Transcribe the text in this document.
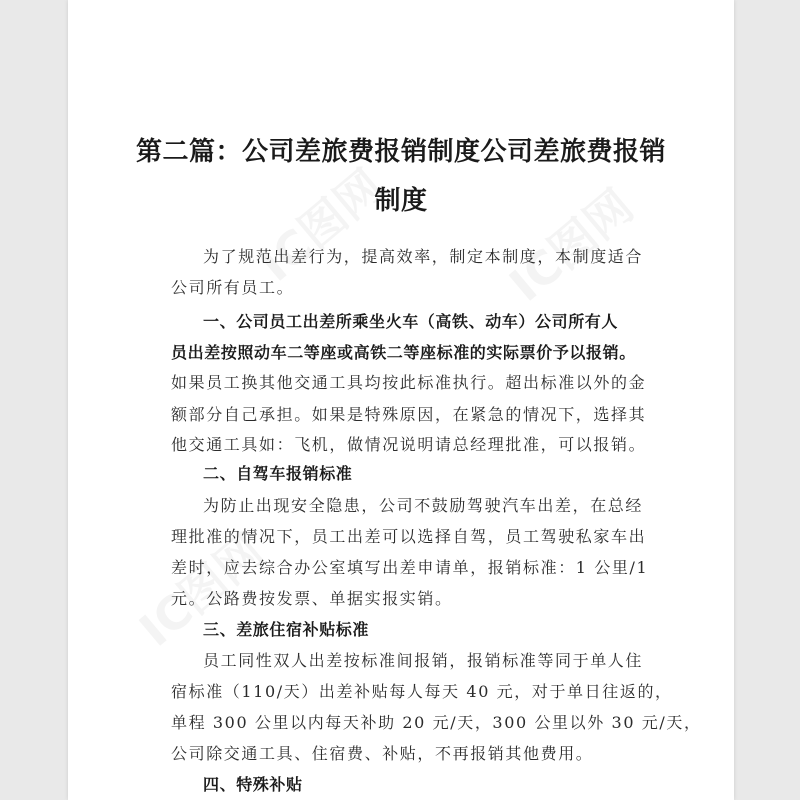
第二篇：公司差旅费报销制度公司差旅费报销
制度
为了规范出差行为，提高效率，制定本制度，本制度适合
公司所有员工。
一、公司员工出差所乘坐火车（高铁、动车）公司所有人
员出差按照动车二等座或高铁二等座标准的实际票价予以报销。
如果员工换其他交通工具均按此标准执行。超出标准以外的金
额部分自己承担。如果是特殊原因，在紧急的情况下，选择其
他交通工具如：飞机，做情况说明请总经理批准，可以报销。
二、自驾车报销标准
为防止出现安全隐患，公司不鼓励驾驶汽车出差，在总经
理批准的情况下，员工出差可以选择自驾，员工驾驶私家车出
差时，应去综合办公室填写出差申请单，报销标准：1 公里/1
元。公路费按发票、单据实报实销。
三、差旅住宿补贴标准
员工同性双人出差按标准间报销，报销标准等同于单人住
宿标准（110/天）出差补贴每人每天 40 元，对于单日往返的，
单程 300 公里以内每天补助 20 元/天，300 公里以外 30 元/天，
公司除交通工具、住宿费、补贴，不再报销其他费用。
四、特殊补贴
